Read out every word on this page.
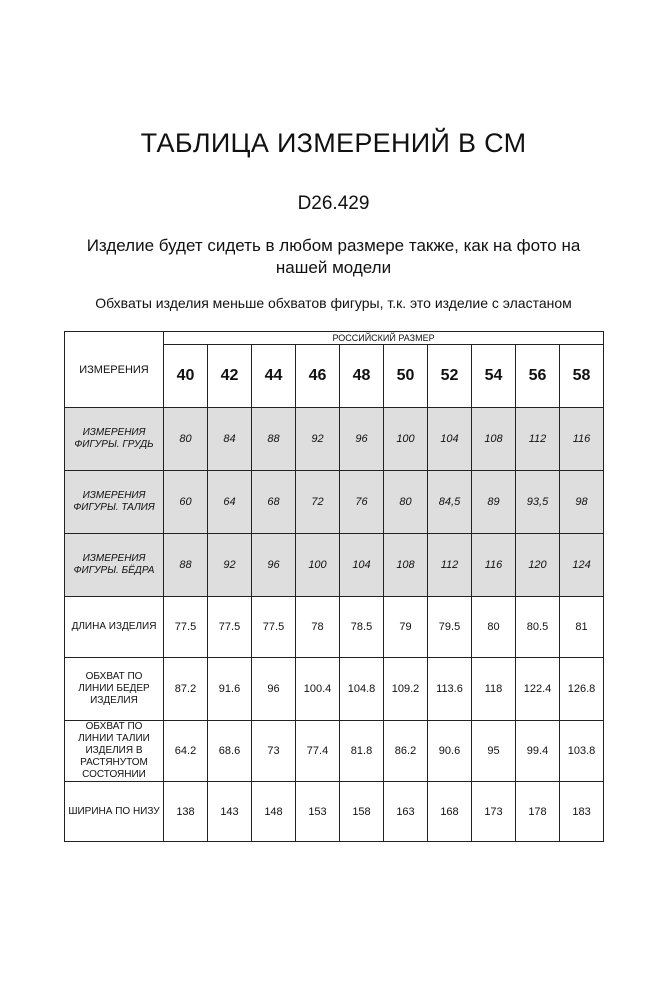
ТАБЛИЦА ИЗМЕРЕНИЙ В СМ
D26.429
Изделие будет сидеть в любом размере также, как на фото на нашей модели
Обхваты изделия меньше обхватов фигуры, т.к. это изделие с эластаном
ИЗМЕРЕНИЯ	РОССИЙСКИЙ РАЗМЕР									
	40	42	44	46	48	50	52	54	56	58
ИЗМЕРЕНИЯ ФИГУРЫ. ГРУДЬ	80	84	88	92	96	100	104	108	112	116
ИЗМЕРЕНИЯ ФИГУРЫ. ТАЛИЯ	60	64	68	72	76	80	84,5	89	93,5	98
ИЗМЕРЕНИЯ ФИГУРЫ. БЁДРА	88	92	96	100	104	108	112	116	120	124
ДЛИНА ИЗДЕЛИЯ	77.5	77.5	77.5	78	78.5	79	79.5	80	80.5	81
ОБХВАТ ПО ЛИНИИ БЕДЕР ИЗДЕЛИЯ	87.2	91.6	96	100.4	104.8	109.2	113.6	118	122.4	126.8
ОБХВАТ ПО ЛИНИИ ТАЛИИ ИЗДЕЛИЯ В РАСТЯНУТОМ СОСТОЯНИИ	64.2	68.6	73	77.4	81.8	86.2	90.6	95	99.4	103.8
ШИРИНА ПО НИЗУ	138	143	148	153	158	163	168	173	178	183
